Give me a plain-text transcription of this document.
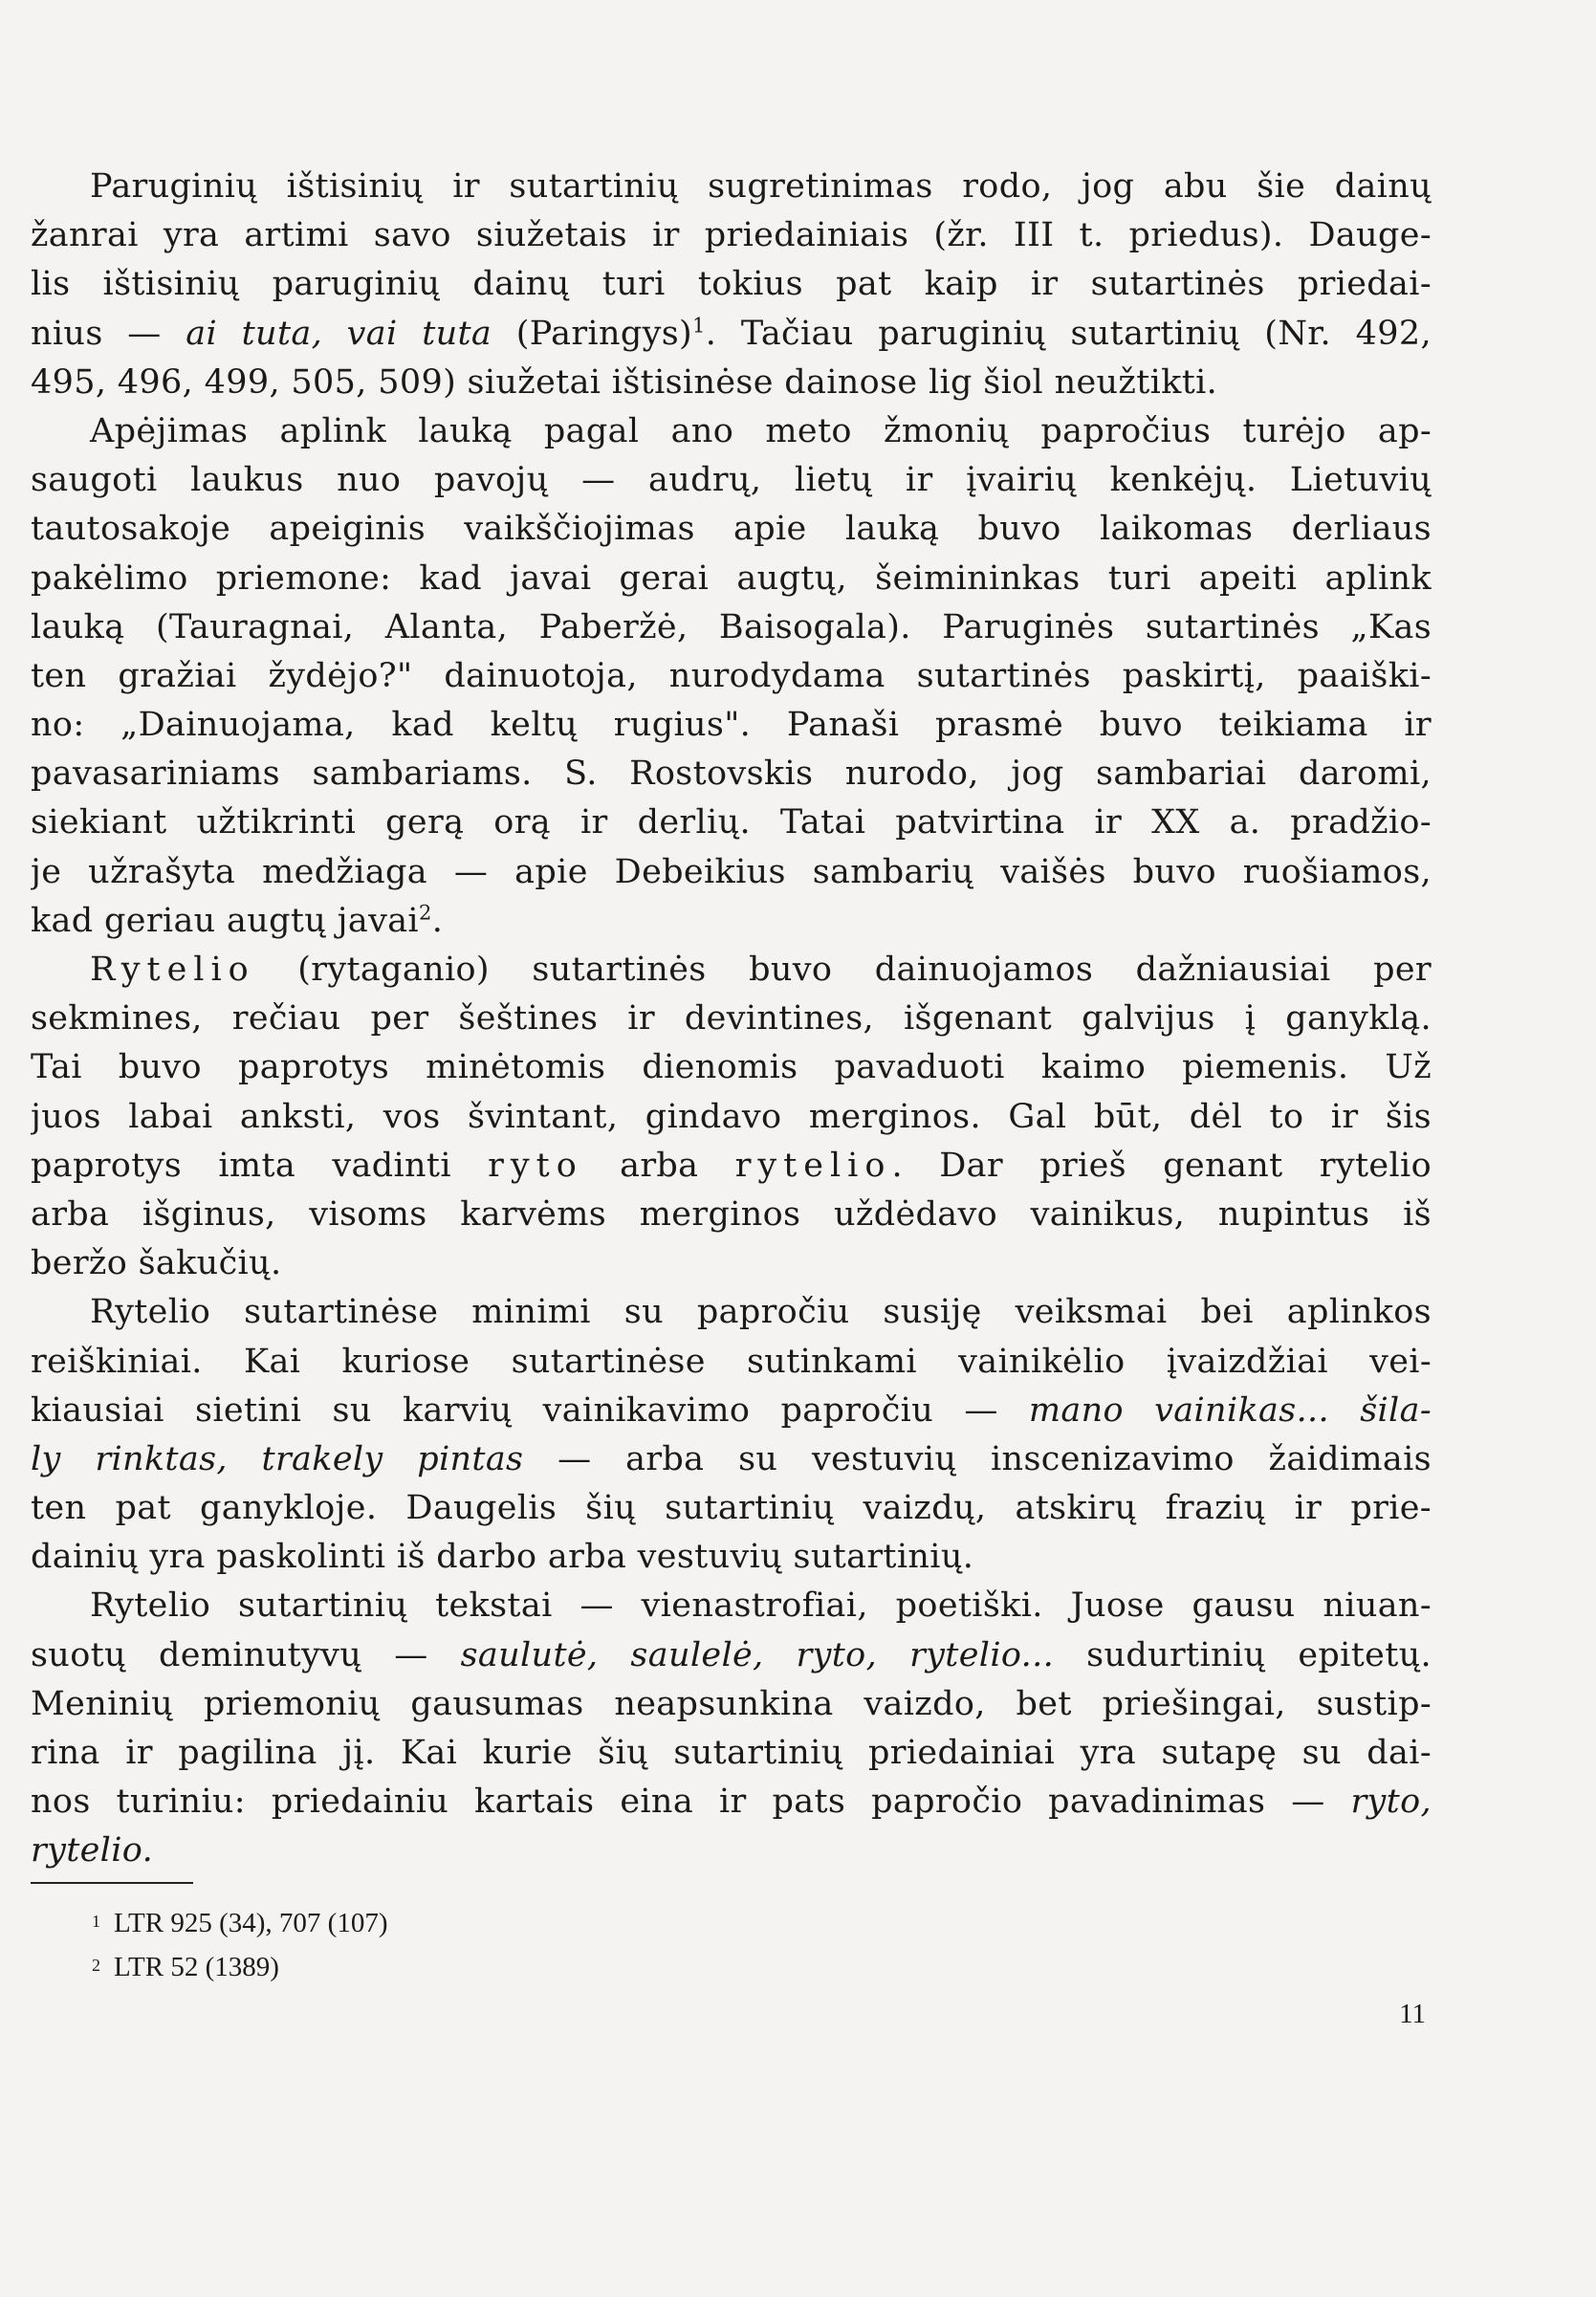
Paruginių ištisinių ir sutartinių sugretinimas rodo, jog abu šie dainų
žanrai yra artimi savo siužetais ir priedainiais (žr. III t. priedus). Dauge-
lis ištisinių paruginių dainų turi tokius pat kaip ir sutartinės priedai-
nius — ai tuta, vai tuta (Paringys)$^1$. Tačiau paruginių sutartinių (Nr. 492,
495, 496, 499, 505, 509) siužetai ištisinėse dainose lig šiol neužtikti.
Apėjimas aplink lauką pagal ano meto žmonių papročius turėjo ap-
saugoti laukus nuo pavojų — audrų, lietų ir įvairių kenkėjų. Lietuvių
tautosakoje apeiginis vaikščiojimas apie lauką buvo laikomas derliaus
pakėlimo priemone: kad javai gerai augtų, šeimininkas turi apeiti aplink
lauką (Tauragnai, Alanta, Paberžė, Baisogala). Paruginės sutartinės „Kas
ten gražiai žydėjo?" dainuotoja, nurodydama sutartinės paskirtį, paaiški-
no: „Dainuojama, kad keltų rugius". Panaši prasmė buvo teikiama ir
pavasariniams sambariams. S. Rostovskis nurodo, jog sambariai daromi,
siekiant užtikrinti gerą orą ir derlių. Tatai patvirtina ir XX a. pradžio-
je užrašyta medžiaga — apie Debeikius sambarių vaišės buvo ruošiamos,
kad geriau augtų javai$^2$.
Rytelio (rytaganio) sutartinės buvo dainuojamos dažniausiai per
sekmines, rečiau per šeštines ir devintines, išgenant galvijus į ganyklą.
Tai buvo paprotys minėtomis dienomis pavaduoti kaimo piemenis. Už
juos labai anksti, vos švintant, gindavo merginos. Gal būt, dėl to ir šis
paprotys imta vadinti ryto arba rytelio. Dar prieš genant rytelio
arba išginus, visoms karvėms merginos uždėdavo vainikus, nupintus iš
beržo šakučių.
Rytelio sutartinėse minimi su papročiu susiję veiksmai bei aplinkos
reiškiniai. Kai kuriose sutartinėse sutinkami vainikėlio įvaizdžiai vei-
kiausiai sietini su karvių vainikavimo papročiu — mano vainikas... šila-
ly rinktas, trakely pintas — arba su vestuvių inscenizavimo žaidimais
ten pat ganykloje. Daugelis šių sutartinių vaizdų, atskirų frazių ir prie-
dainių yra paskolinti iš darbo arba vestuvių sutartinių.
Rytelio sutartinių tekstai — vienastrofiai, poetiški. Juose gausu niuan-
suotų deminutyvų — saulutė, saulelė, ryto, rytelio... sudurtinių epitetų.
Meninių priemonių gausumas neapsunkina vaizdo, bet priešingai, sustip-
rina ir pagilina jį. Kai kurie šių sutartinių priedainiai yra sutapę su dai-
nos turiniu: priedainiu kartais eina ir pats papročio pavadinimas — ryto,
rytelio.
$^1$ LTR 925 (34), 707 (107)
$^2$ LTR 52 (1389)
11
